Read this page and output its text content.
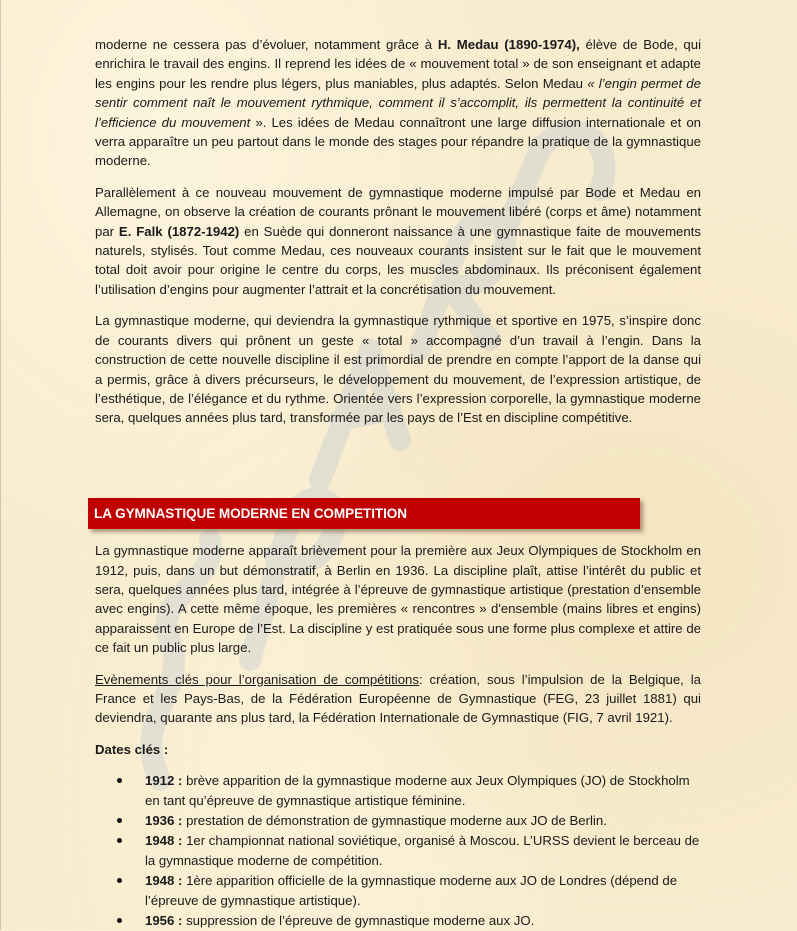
moderne ne cessera pas d’évoluer, notamment grâce à H. Medau (1890-1974), élève de Bode, qui enrichira le travail des engins. Il reprend les idées de « mouvement total » de son enseignant et adapte les engins pour les rendre plus légers, plus maniables, plus adaptés. Selon Medau « l’engin permet de sentir comment naît le mouvement rythmique, comment il s’accomplit, ils permettent la continuité et l’efficience du mouvement ». Les idées de Medau connaîtront une large diffusion internationale et on verra apparaître un peu partout dans le monde des stages pour répandre la pratique de la gymnastique moderne.

Parallèlement à ce nouveau mouvement de gymnastique moderne impulsé par Bode et Medau en Allemagne, on observe la création de courants prônant le mouvement libéré (corps et âme) notamment par E. Falk (1872-1942) en Suède qui donneront naissance à une gymnastique faite de mouvements naturels, stylisés. Tout comme Medau, ces nouveaux courants insistent sur le fait que le mouvement total doit avoir pour origine le centre du corps, les muscles abdominaux. Ils préconisent également l’utilisation d’engins pour augmenter l’attrait et la concrétisation du mouvement.

La gymnastique moderne, qui deviendra la gymnastique rythmique et sportive en 1975, s’inspire donc de courants divers qui prônent un geste « total » accompagné d’un travail à l’engin. Dans la construction de cette nouvelle discipline il est primordial de prendre en compte l’apport de la danse qui a permis, grâce à divers précurseurs, le développement du mouvement, de l’expression artistique, de l’esthétique, de l’élégance et du rythme. Orientée vers l’expression corporelle, la gymnastique moderne sera, quelques années plus tard, transformée par les pays de l’Est en discipline compétitive.

LA GYMNASTIQUE MODERNE EN COMPETITION

La gymnastique moderne apparaît brièvement pour la première aux Jeux Olympiques de Stockholm en 1912, puis, dans un but démonstratif, à Berlin en 1936. La discipline plaît, attise l’intérêt du public et sera, quelques années plus tard, intégrée à l’épreuve de gymnastique artistique (prestation d’ensemble avec engins). A cette même époque, les premières « rencontres » d'ensemble (mains libres et engins) apparaissent en Europe de l’Est. La discipline y est pratiquée sous une forme plus complexe et attire de ce fait un public plus large.

Evènements clés pour l’organisation de compétitions: création, sous l’impulsion de la Belgique, la France et les Pays-Bas, de la Fédération Européenne de Gymnastique (FEG, 23 juillet 1881) qui deviendra, quarante ans plus tard, la Fédération Internationale de Gymnastique (FIG, 7 avril 1921).

Dates clés :
1912 : brève apparition de la gymnastique moderne aux Jeux Olympiques (JO) de Stockholm en tant qu’épreuve de gymnastique artistique féminine.
1936 : prestation de démonstration de gymnastique moderne aux JO de Berlin.
1948 : 1er championnat national soviétique, organisé à Moscou. L’URSS devient le berceau de la gymnastique moderne de compétition.
1948 : 1ère apparition officielle de la gymnastique moderne aux JO de Londres (dépend de l’épreuve de gymnastique artistique).
1956 : suppression de l’épreuve de gymnastique moderne aux JO.
